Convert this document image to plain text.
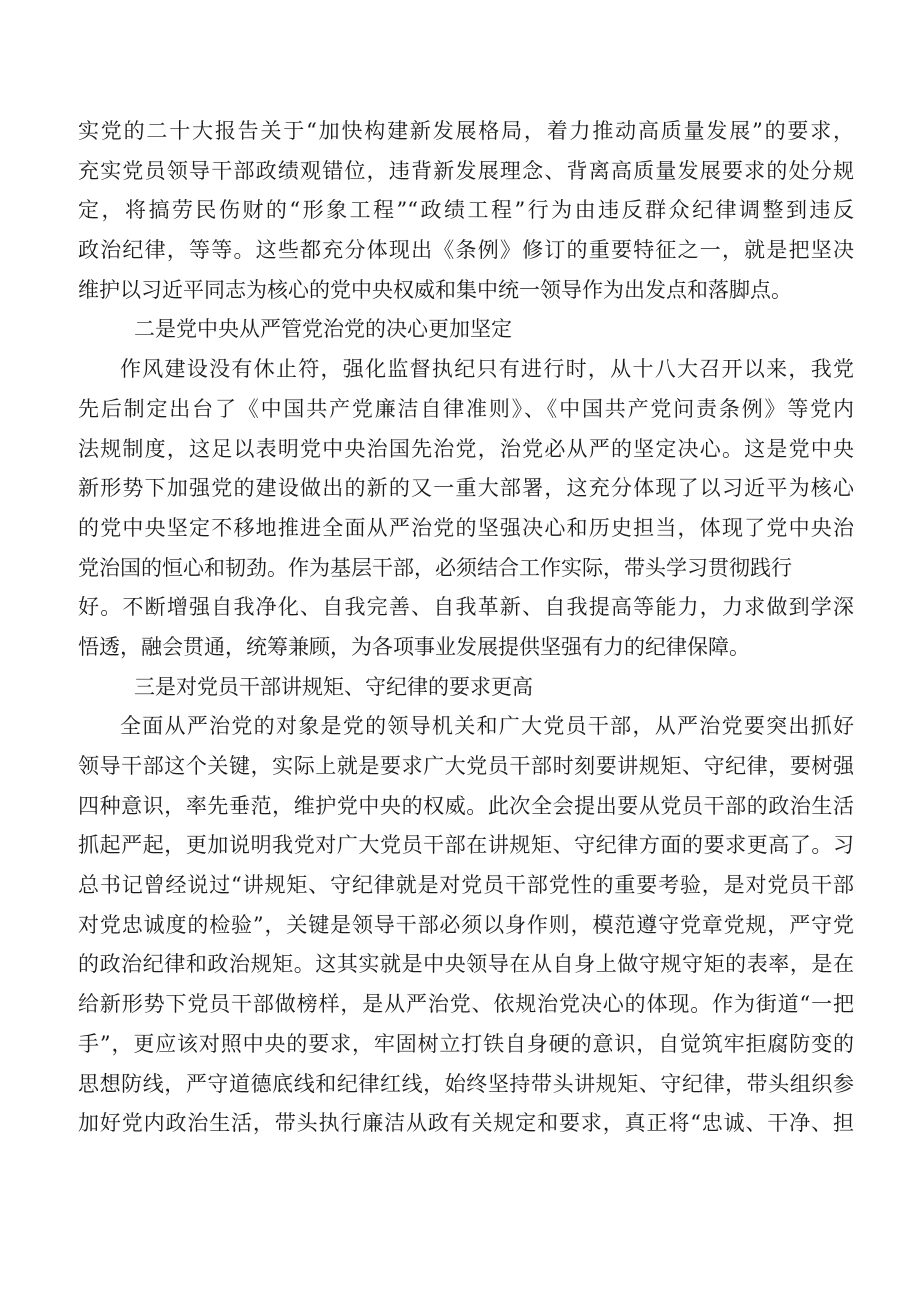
实党的二十大报告关于“加快构建新发展格局，着力推动高质量发展”的要求，
充实党员领导干部政绩观错位，违背新发展理念、背离高质量发展要求的处分规
定，将搞劳民伤财的“形象工程”“政绩工程”行为由违反群众纪律调整到违反
政治纪律，等等。这些都充分体现出《条例》修订的重要特征之一，就是把坚决
维护以习近平同志为核心的党中央权威和集中统一领导作为出发点和落脚点。
二是党中央从严管党治党的决心更加坚定
作风建设没有休止符，强化监督执纪只有进行时，从十八大召开以来，我党
先后制定出台了《中国共产党廉洁自律准则》、《中国共产党问责条例》等党内
法规制度，这足以表明党中央治国先治党，治党必从严的坚定决心。这是党中央
新形势下加强党的建设做出的新的又一重大部署，这充分体现了以习近平为核心
的党中央坚定不移地推进全面从严治党的坚强决心和历史担当，体现了党中央治
党治国的恒心和韧劲。作为基层干部，必须结合工作实际，带头学习贯彻践行
好。不断增强自我净化、自我完善、自我革新、自我提高等能力，力求做到学深
悟透，融会贯通，统筹兼顾，为各项事业发展提供坚强有力的纪律保障。
三是对党员干部讲规矩、守纪律的要求更高
全面从严治党的对象是党的领导机关和广大党员干部，从严治党要突出抓好
领导干部这个关键，实际上就是要求广大党员干部时刻要讲规矩、守纪律，要树强
四种意识，率先垂范，维护党中央的权威。此次全会提出要从党员干部的政治生活
抓起严起，更加说明我党对广大党员干部在讲规矩、守纪律方面的要求更高了。习
总书记曾经说过“讲规矩、守纪律就是对党员干部党性的重要考验，是对党员干部
对党忠诚度的检验”，关键是领导干部必须以身作则，模范遵守党章党规，严守党
的政治纪律和政治规矩。这其实就是中央领导在从自身上做守规守矩的表率，是在
给新形势下党员干部做榜样，是从严治党、依规治党决心的体现。作为街道“一把
手”，更应该对照中央的要求，牢固树立打铁自身硬的意识，自觉筑牢拒腐防变的
思想防线，严守道德底线和纪律红线，始终坚持带头讲规矩、守纪律，带头组织参
加好党内政治生活，带头执行廉洁从政有关规定和要求，真正将“忠诚、干净、担
